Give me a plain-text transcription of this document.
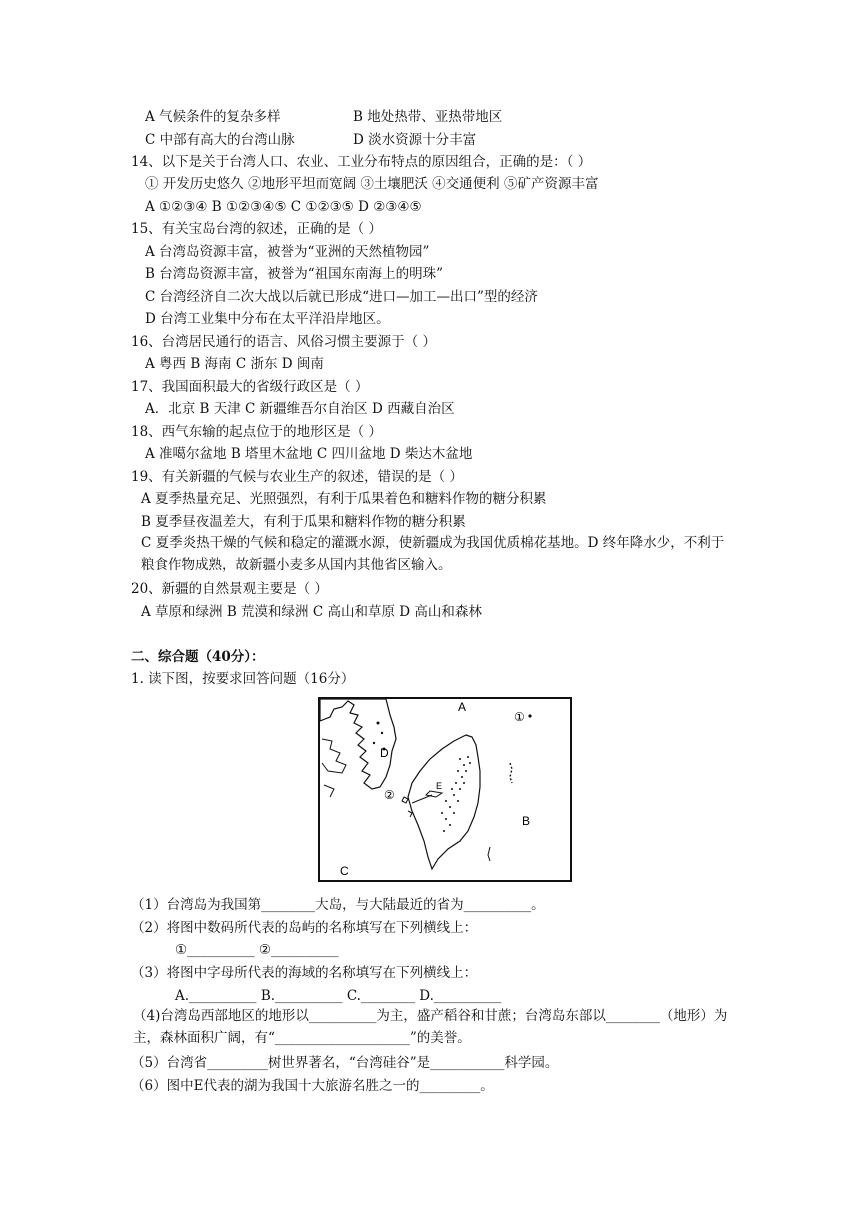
A 气候条件的复杂多样	B 地处热带、亚热带地区
C 中部有高大的台湾山脉	D 淡水资源十分丰富
14、以下是关于台湾人口、农业、工业分布特点的原因组合，正确的是：（ ）
① 开发历史悠久 ②地形平坦而宽阔 ③土壤肥沃 ④交通便利 ⑤矿产资源丰富
A ①②③④ B ①②③④⑤ C ①②③⑤ D ②③④⑤
15、有关宝岛台湾的叙述，正确的是（ ）
A 台湾岛资源丰富，被誉为“亚洲的天然植物园”
B 台湾岛资源丰富，被誉为“祖国东南海上的明珠”
C 台湾经济自二次大战以后就已形成“进口—加工—出口”型的经济
D 台湾工业集中分布在太平洋沿岸地区。
16、台湾居民通行的语言、风俗习惯主要源于（ ）
A 粤西 B 海南 C 浙东 D 闽南
17、我国面积最大的省级行政区是（ ）
A．北京 B 天津 C 新疆维吾尔自治区 D 西藏自治区
18、西气东输的起点位于的地形区是（ ）
A 准噶尔盆地 B 塔里木盆地 C 四川盆地 D 柴达木盆地
19、有关新疆的气候与农业生产的叙述，错误的是（ ）
A 夏季热量充足、光照强烈，有利于瓜果着色和糖料作物的糖分积累
B 夏季昼夜温差大，有利于瓜果和糖料作物的糖分积累
C 夏季炎热干燥的气候和稳定的灌溉水源，使新疆成为我国优质棉花基地。D 终年降水少，不利于粮食作物成熟，故新疆小麦多从国内其他省区输入。
20、新疆的自然景观主要是（ ）
A 草原和绿洲 B 荒漠和绿洲 C 高山和草原 D 高山和森林
二、综合题（40分）：
1. 读下图，按要求回答问题（16分）
A
B
C
D
E
①
②
（1）台湾岛为我国第________大岛，与大陆最近的省为__________。
（2）将图中数码所代表的岛屿的名称填写在下列横线上：
①__________ ②__________
（3）将图中字母所代表的海域的名称填写在下列横线上：
A.__________ B.__________ C.________ D.__________
（4)台湾岛西部地区的地形以__________为主，盛产稻谷和甘蔗；台湾岛东部以________（地形）为主，森林面积广阔，有“____________________”的美誉。
（5）台湾省_________树世界著名，“台湾硅谷”是___________科学园。
（6）图中E代表的湖为我国十大旅游名胜之一的_________。
